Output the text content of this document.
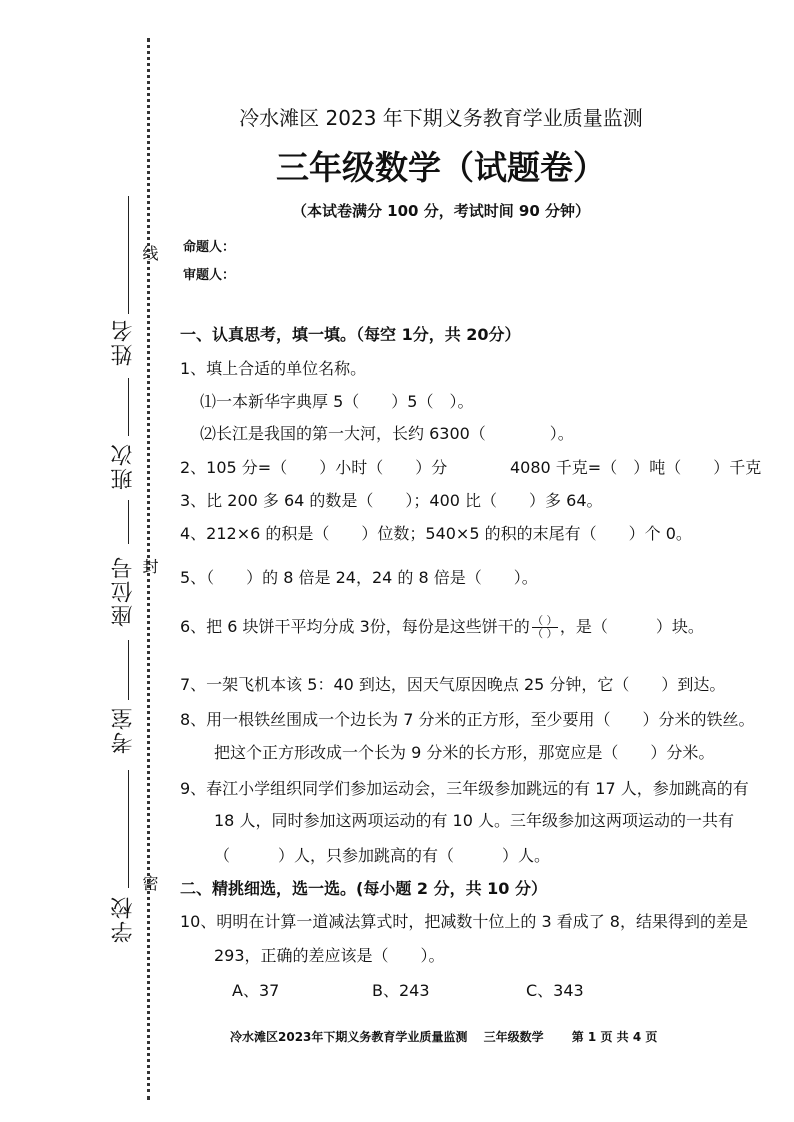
线
封
密
姓名
班次
座位号
考室
学校
冷水滩区 2023 年下期义务教育学业质量监测
三年级数学（试题卷）
（本试卷满分 100 分，考试时间 90 分钟）
命题人：
审题人：
一、认真思考，填一填。（每空 1分，共 20分）
1、填上合适的单位名称。
⑴一本新华字典厚 5（　　）5（　）。
⑵长江是我国的第一大河，长约 6300（　　　　）。
2、105 分=（　　）小时（　　）分	4080 千克=（　）吨（　　）千克
3、比 200 多 64 的数是（　　）；400 比（　　）多 64。
4、212×6 的积是（　　）位数；540×5 的积的末尾有（　　）个 0。
5、（　　）的 8 倍是 24，24 的 8 倍是（　　）。
6、把 6 块饼干平均分成 3份，每份是这些饼干的 $\frac{( )}{( )}$ ，是（　　　）块。
7、一架飞机本该 5：40 到达，因天气原因晚点 25 分钟，它（　　）到达。
8、用一根铁丝围成一个边长为 7 分米的正方形，至少要用（　　）分米的铁丝。
把这个正方形改成一个长为 9 分米的长方形，那宽应是（　　）分米。
9、春江小学组织同学们参加运动会，三年级参加跳远的有 17 人，参加跳高的有
18 人，同时参加这两项运动的有 10 人。三年级参加这两项运动的一共有
（　　　）人，只参加跳高的有（　　　）人。
二、精挑细选，选一选。(每小题 2 分，共 10 分）
10、明明在计算一道减法算式时，把减数十位上的 3 看成了 8，结果得到的差是
293，正确的差应该是（　　）。
A、37	B、243	C、343
冷水滩区2023年下期义务教育学业质量监测　 三年级数学　　 第 1 页 共 4 页
